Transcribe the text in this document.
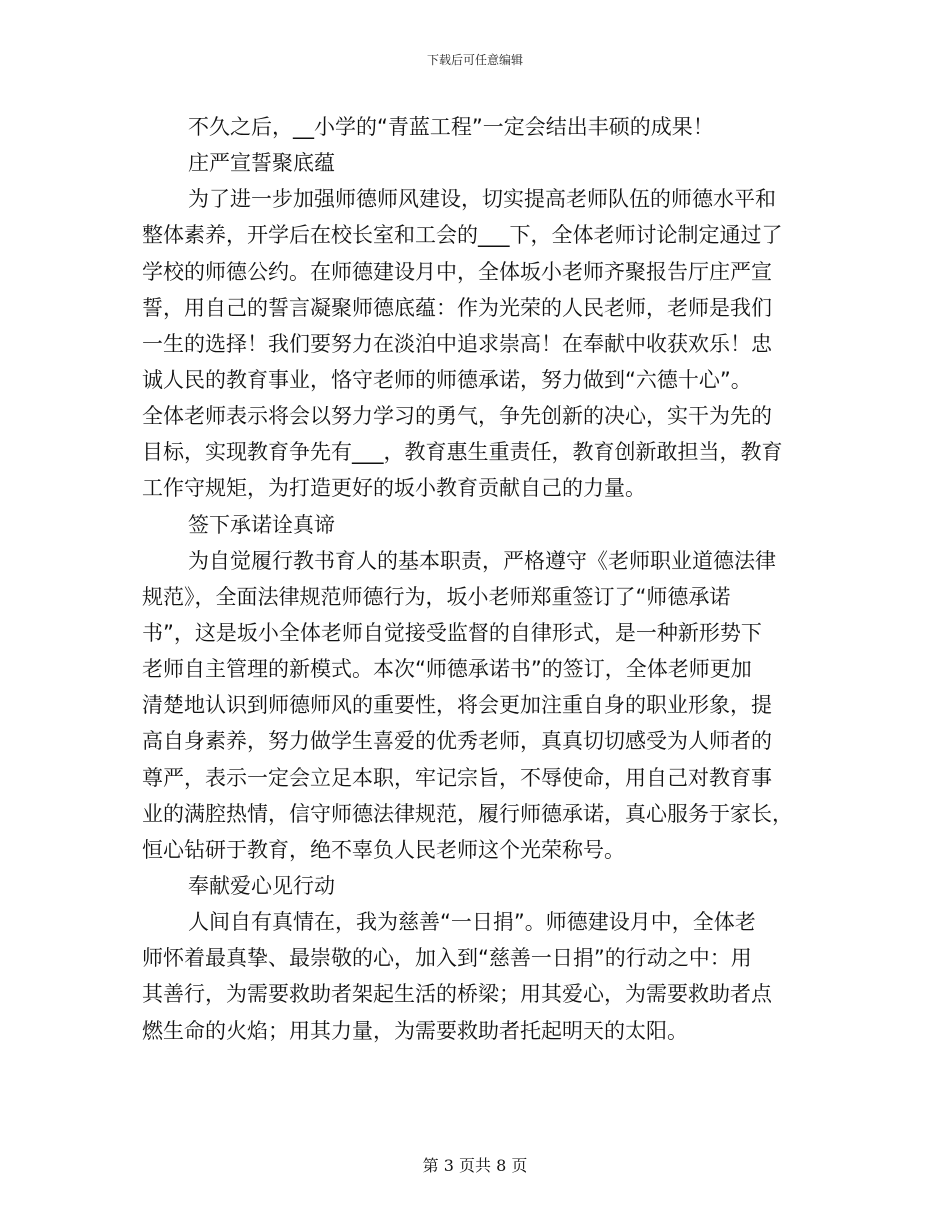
下载后可任意编辑
不久之后，__小学的“青蓝工程”一定会结出丰硕的成果！
庄严宣誓聚底蕴
为了进一步加强师德师风建设，切实提高老师队伍的师德水平和
整体素养，开学后在校长室和工会的___下，全体老师讨论制定通过了
学校的师德公约。在师德建设月中，全体坂小老师齐聚报告厅庄严宣
誓，用自己的誓言凝聚师德底蕴：作为光荣的人民老师，老师是我们
一生的选择！我们要努力在淡泊中追求崇高！在奉献中收获欢乐！忠
诚人民的教育事业，恪守老师的师德承诺，努力做到“六德十心”。
全体老师表示将会以努力学习的勇气，争先创新的决心，实干为先的
目标，实现教育争先有___，教育惠生重责任，教育创新敢担当，教育
工作守规矩，为打造更好的坂小教育贡献自己的力量。
签下承诺诠真谛
为自觉履行教书育人的基本职责，严格遵守《老师职业道德法律
规范》，全面法律规范师德行为，坂小老师郑重签订了“师德承诺
书”，这是坂小全体老师自觉接受监督的自律形式，是一种新形势下
老师自主管理的新模式。本次“师德承诺书”的签订，全体老师更加
清楚地认识到师德师风的重要性，将会更加注重自身的职业形象，提
高自身素养，努力做学生喜爱的优秀老师，真真切切感受为人师者的
尊严，表示一定会立足本职，牢记宗旨，不辱使命，用自己对教育事
业的满腔热情，信守师德法律规范，履行师德承诺，真心服务于家长，
恒心钻研于教育，绝不辜负人民老师这个光荣称号。
奉献爱心见行动
人间自有真情在，我为慈善“一日捐”。师德建设月中，全体老
师怀着最真挚、最崇敬的心，加入到“慈善一日捐”的行动之中：用
其善行，为需要救助者架起生活的桥梁；用其爱心，为需要救助者点
燃生命的火焰；用其力量，为需要救助者托起明天的太阳。
第 3 页共 8 页
